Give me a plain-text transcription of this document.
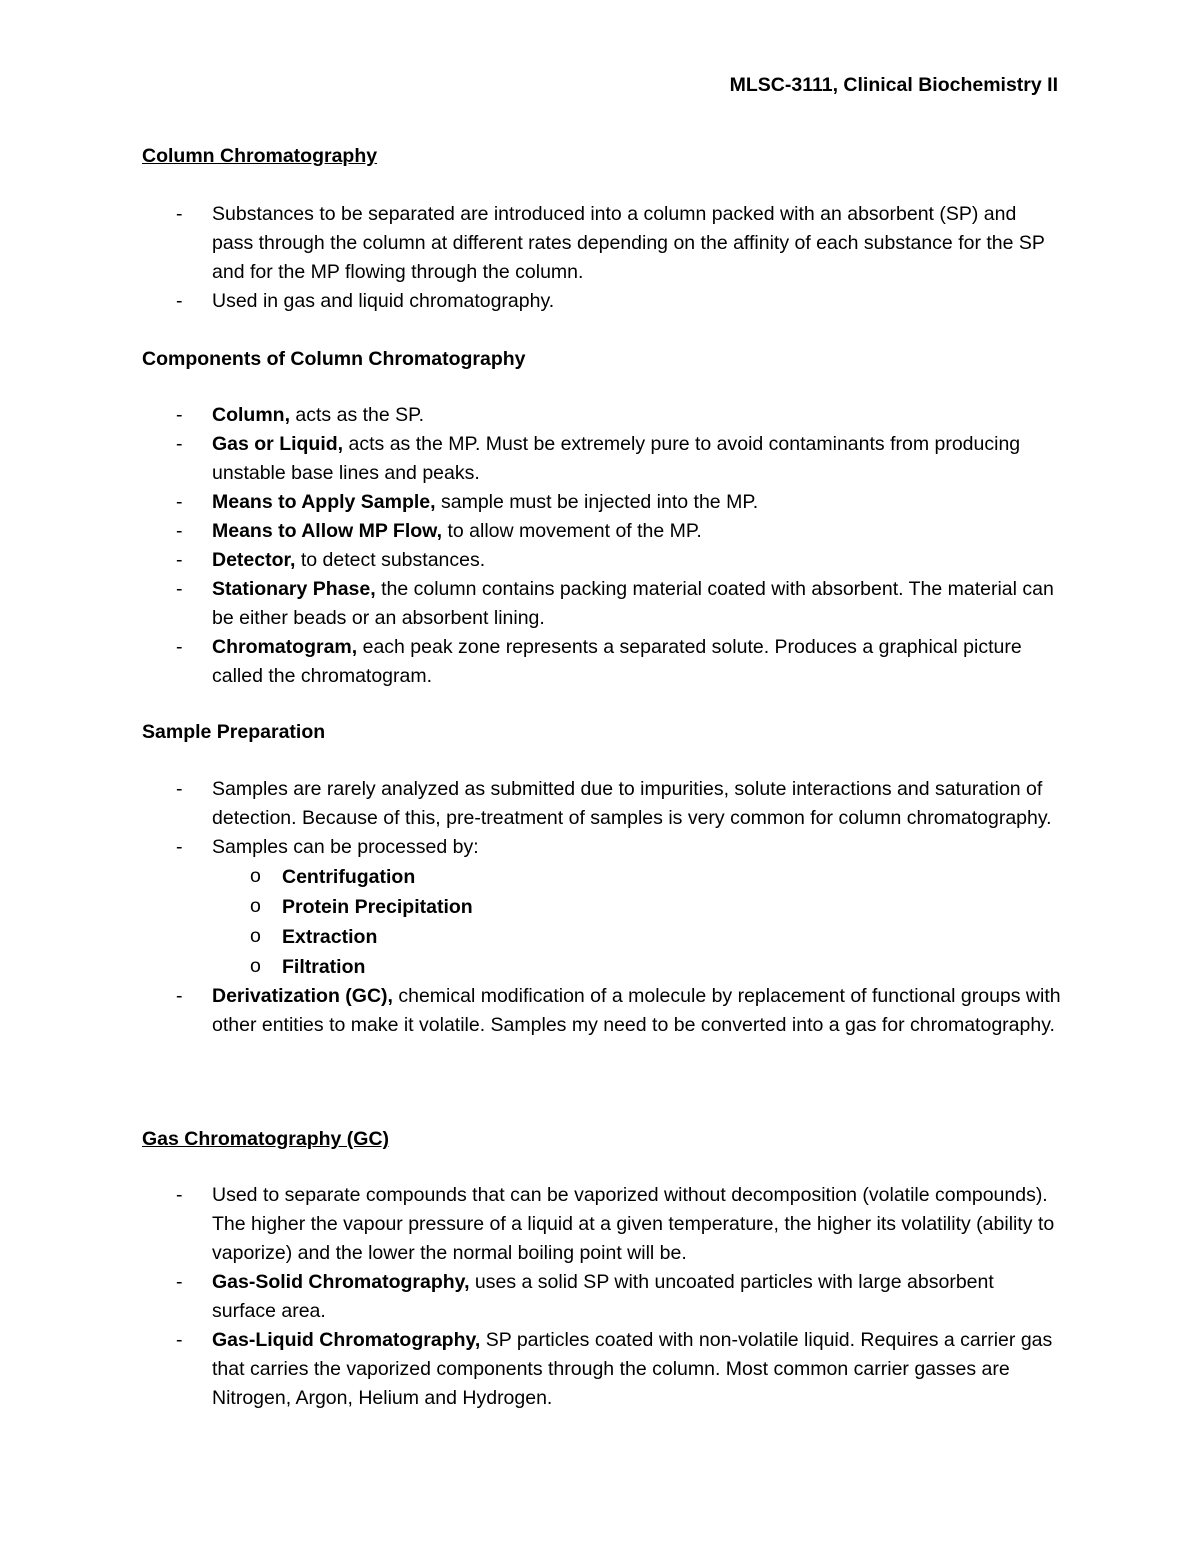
MLSC-3111, Clinical Biochemistry II
Column Chromatography
- Substances to be separated are introduced into a column packed with an absorbent (SP) and pass through the column at different rates depending on the affinity of each substance for the SP and for the MP flowing through the column.
- Used in gas and liquid chromatography.
Components of Column Chromatography
- Column, acts as the SP.
- Gas or Liquid, acts as the MP. Must be extremely pure to avoid contaminants from producing unstable base lines and peaks.
- Means to Apply Sample, sample must be injected into the MP.
- Means to Allow MP Flow, to allow movement of the MP.
- Detector, to detect substances.
- Stationary Phase, the column contains packing material coated with absorbent. The material can be either beads or an absorbent lining.
- Chromatogram, each peak zone represents a separated solute. Produces a graphical picture called the chromatogram.
Sample Preparation
- Samples are rarely analyzed as submitted due to impurities, solute interactions and saturation of detection. Because of this, pre-treatment of samples is very common for column chromatography.
- Samples can be processed by:
o Centrifugation
o Protein Precipitation
o Extraction
o Filtration
- Derivatization (GC), chemical modification of a molecule by replacement of functional groups with other entities to make it volatile. Samples my need to be converted into a gas for chromatography.
Gas Chromatography (GC)
- Used to separate compounds that can be vaporized without decomposition (volatile compounds). The higher the vapour pressure of a liquid at a given temperature, the higher its volatility (ability to vaporize) and the lower the normal boiling point will be.
- Gas-Solid Chromatography, uses a solid SP with uncoated particles with large absorbent surface area.
- Gas-Liquid Chromatography, SP particles coated with non-volatile liquid. Requires a carrier gas that carries the vaporized components through the column. Most common carrier gasses are Nitrogen, Argon, Helium and Hydrogen.
